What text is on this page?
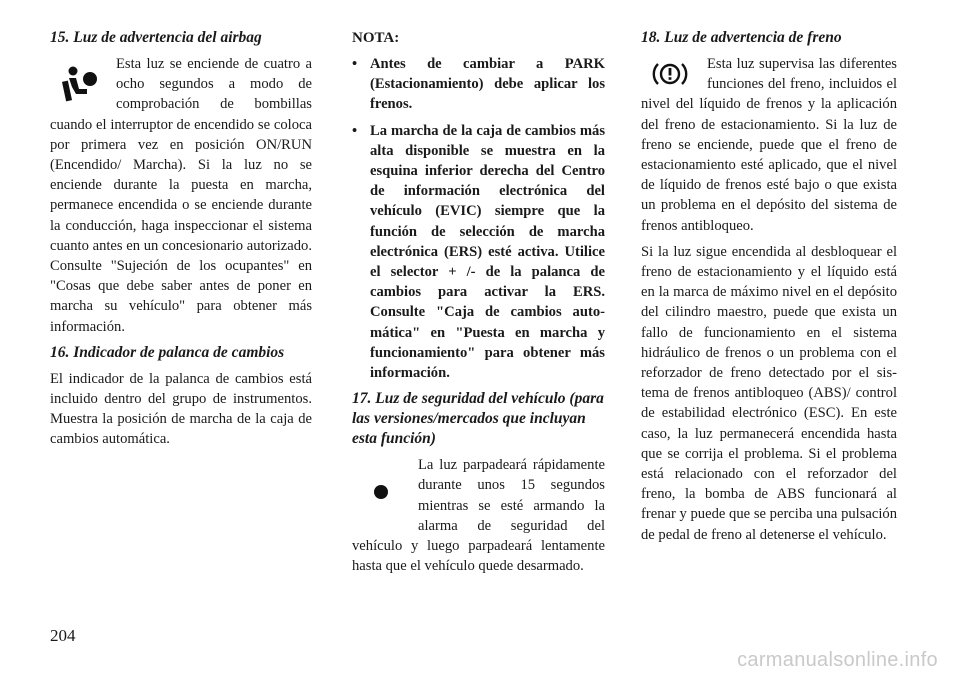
15. Luz de advertencia del airbag

Esta luz se enciende de cuatro a ocho segundos a modo de comprobación de bombillas cuando el interruptor de encendido se coloca por primera vez en posición ON/RUN (Encendido/ Marcha). Si la luz no se enciende durante la puesta en marcha, permanece encendida o se enciende durante la conducción, haga inspeccionar el sistema cuanto antes en un concesionario autorizado. Consulte "Sujeción de los ocupantes" en "Cosas que debe saber antes de poner en marcha su vehículo" para obtener más información.

16. Indicador de palanca de cambios

El indicador de la palanca de cambios está incluido dentro del grupo de instrumentos. Muestra la posición de marcha de la caja de cambios automática.

NOTA:

• Antes de cambiar a PARK (Estacionamiento) debe aplicar los frenos.
• La marcha de la caja de cambios más alta disponible se muestra en la esquina inferior derecha del Centro de información electrónica del vehículo (EVIC) siempre que la función de selección de marcha electrónica (ERS) esté activa. Utilice el selector + /- de la palanca de cambios para activar la ERS. Consulte "Caja de cambios automática" en "Puesta en marcha y funcionamiento" para obtener más información.

17. Luz de seguridad del vehículo (para las versiones/mercados que incluyan esta función)

La luz parpadeará rápidamente durante unos 15 segundos mientras se esté armando la alarma de seguridad del vehículo y luego parpadeará lentamente hasta que el vehículo quede desarmado.

18. Luz de advertencia de freno

Esta luz supervisa las diferentes funciones del freno, incluidos el nivel del líquido de frenos y la aplicación del freno de estacionamiento. Si la luz de freno se enciende, puede que el freno de estacionamiento esté aplicado, que el nivel de líquido de frenos esté bajo o que exista un problema en el depósito del sistema de frenos antibloqueo.

Si la luz sigue encendida al desbloquear el freno de estacionamiento y el líquido está en la marca de máximo nivel en el depósito del cilindro maestro, puede que exista un fallo de funcionamiento en el sistema hidráulico de frenos o un problema con el reforzador de freno detectado por el sistema de frenos antibloqueo (ABS)/ control de estabilidad electrónico (ESC). En este caso, la luz permanecerá encendida hasta que se corrija el problema. Si el problema está relacionado con el reforzador del freno, la bomba de ABS funcionará al frenar y puede que se perciba una pulsación de pedal de freno al detenerse el vehículo.

204
carmanualsonline.info
